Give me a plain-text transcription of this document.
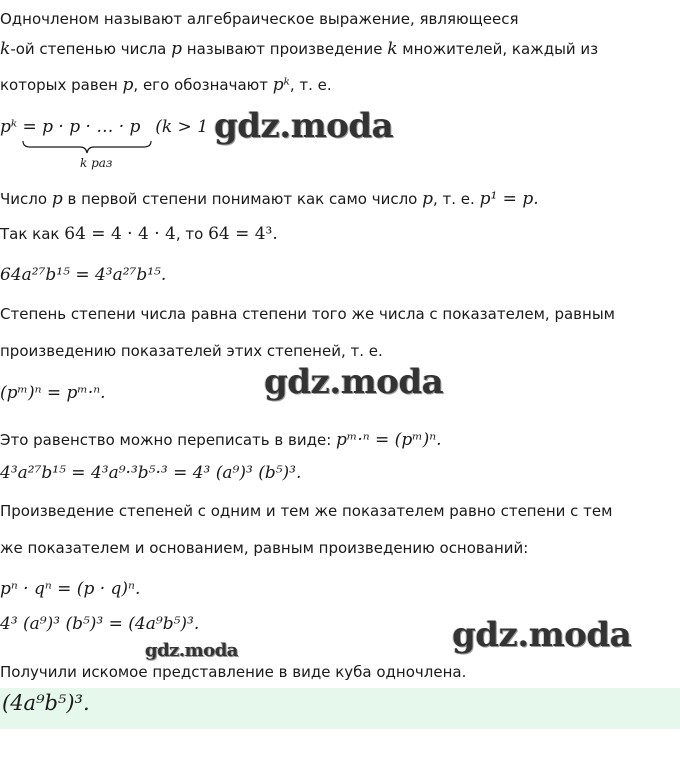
Одночленом называют алгебраическое выражение, являющееся
k-ой степенью числа p называют произведение k множителей, каждый из
которых равен p, его обозначают pᵏ, т. е.
pᵏ = p · p · … · p (k > 1
k раз
gdz.moda
Число p в первой степени понимают как само число p, т. е. p¹ = p.
Так как 64 = 4 · 4 · 4, то 64 = 4³.
64a²⁷b¹⁵ = 4³a²⁷b¹⁵.
Степень степени числа равна степени того же числа с показателем, равным
произведению показателей этих степеней, т. е.
(pᵐ)ⁿ = pᵐ·ⁿ.	gdz.moda
Это равенство можно переписать в виде: pᵐ·ⁿ = (pᵐ)ⁿ.
4³a²⁷b¹⁵ = 4³a⁹·³b⁵·³ = 4³ (a⁹)³ (b⁵)³.
Произведение степеней с одним и тем же показателем равно степени с тем
же показателем и основанием, равным произведению оснований:
pⁿ · qⁿ = (p · q)ⁿ.
4³ (a⁹)³ (b⁵)³ = (4a⁹b⁵)³.
gdz.moda	gdz.moda
Получили искомое представление в виде куба одночлена.
(4a⁹b⁵)³.
